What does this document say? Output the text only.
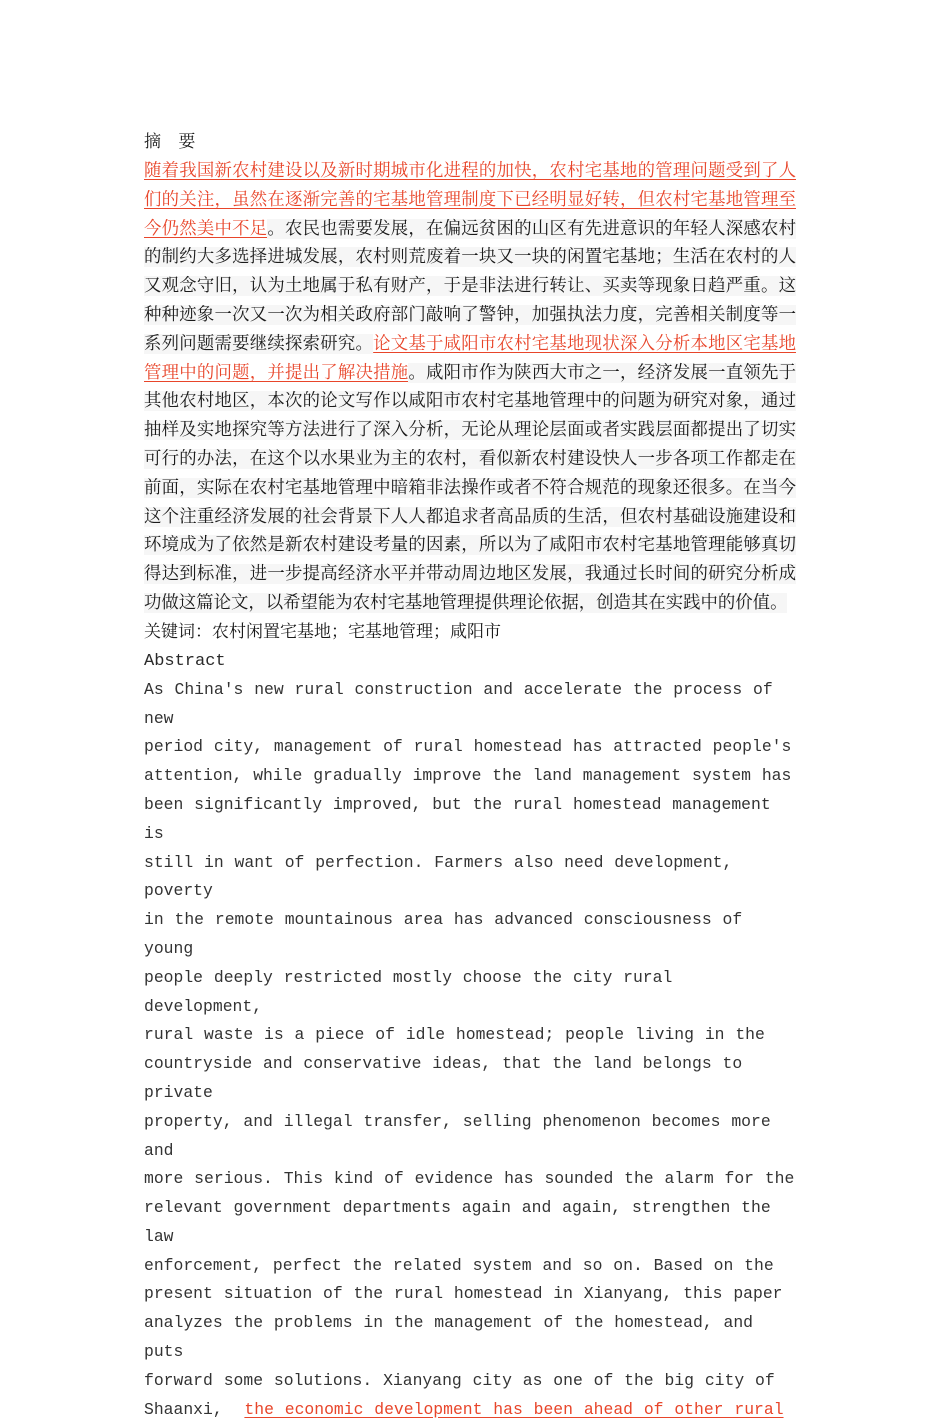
摘 要

随着我国新农村建设以及新时期城市化进程的加快，农村宅基地的管理问题受到了人们的关注，虽然在逐渐完善的宅基地管理制度下已经明显好转，但农村宅基地管理至今仍然美中不足。农民也需要发展，在偏远贫困的山区有先进意识的年轻人深感农村的制约大多选择进城发展，农村则荒废着一块又一块的闲置宅基地；生活在农村的人又观念守旧，认为土地属于私有财产，于是非法进行转让、买卖等现象日趋严重。这种种迹象一次又一次为相关政府部门敲响了警钟，加强执法力度，完善相关制度等一系列问题需要继续探索研究。论文基于咸阳市农村宅基地现状深入分析本地区宅基地管理中的问题，并提出了解决措施。咸阳市作为陕西大市之一，经济发展一直领先于其他农村地区，本次的论文写作以咸阳市农村宅基地管理中的问题为研究对象，通过抽样及实地探究等方法进行了深入分析，无论从理论层面或者实践层面都提出了切实可行的办法，在这个以水果业为主的农村，看似新农村建设快人一步各项工作都走在前面，实际在农村宅基地管理中暗箱非法操作或者不符合规范的现象还很多。在当今这个注重经济发展的社会背景下人人都追求者高品质的生活，但农村基础设施建设和环境成为了依然是新农村建设考量的因素，所以为了咸阳市农村宅基地管理能够真切得达到标准，进一步提高经济水平并带动周边地区发展，我通过长时间的研究分析成功做这篇论文，以希望能为农村宅基地管理提供理论依据，创造其在实践中的价值。

关键词：农村闲置宅基地；宅基地管理；咸阳市

Abstract

As China's new rural construction and accelerate the process of new

period city, management of rural homestead has attracted people's

attention, while gradually improve the land management system has

been significantly improved, but the rural homestead management is

still in want of perfection. Farmers also need development, poverty

in the remote mountainous area has advanced consciousness of young

people deeply restricted mostly choose the city rural development,

rural waste is a piece of idle homestead; people living in the

countryside and conservative ideas, that the land belongs to private

property, and illegal transfer, selling phenomenon becomes more and

more serious. This kind of evidence has sounded the alarm for the

relevant government departments again and again, strengthen the law

enforcement, perfect the related system and so on. Based on the

present situation of the rural homestead in Xianyang, this paper

analyzes the problems in the management of the homestead, and puts

forward some solutions. Xianyang city as one of the big city of

Shaanxi, the economic development has been ahead of other rural
